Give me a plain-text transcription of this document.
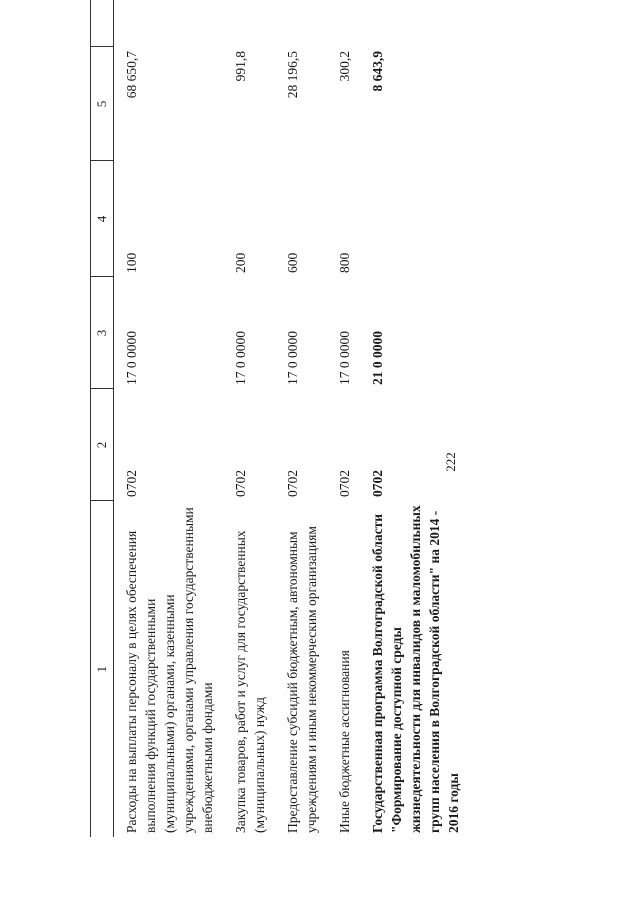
1	2	3	4	5	
Расходы на выплаты персоналу в целях обеспечения выполнения функций государственными (муниципальными) органами, казенными учреждениями, органами управления государственными внебюджетными фондами	0702	17 0 0000	100	68 650,7	
Закупка товаров, работ и услуг для государственных (муниципальных) нужд	0702	17 0 0000	200	991,8	
Предоставление субсидий бюджетным, автономным учреждениям и иным некоммерческим организациям	0702	17 0 0000	600	28 196,5	
Иные бюджетные ассигнования	0702	17 0 0000	800	300,2	
Государственная программа Волгоградской области "Формирование доступной среды жизнедеятельности для инвалидов и маломобильных групп населения в Волгоградской области" на 2014 - 2016 годы	0702	21 0 0000		8 643,9	
222
